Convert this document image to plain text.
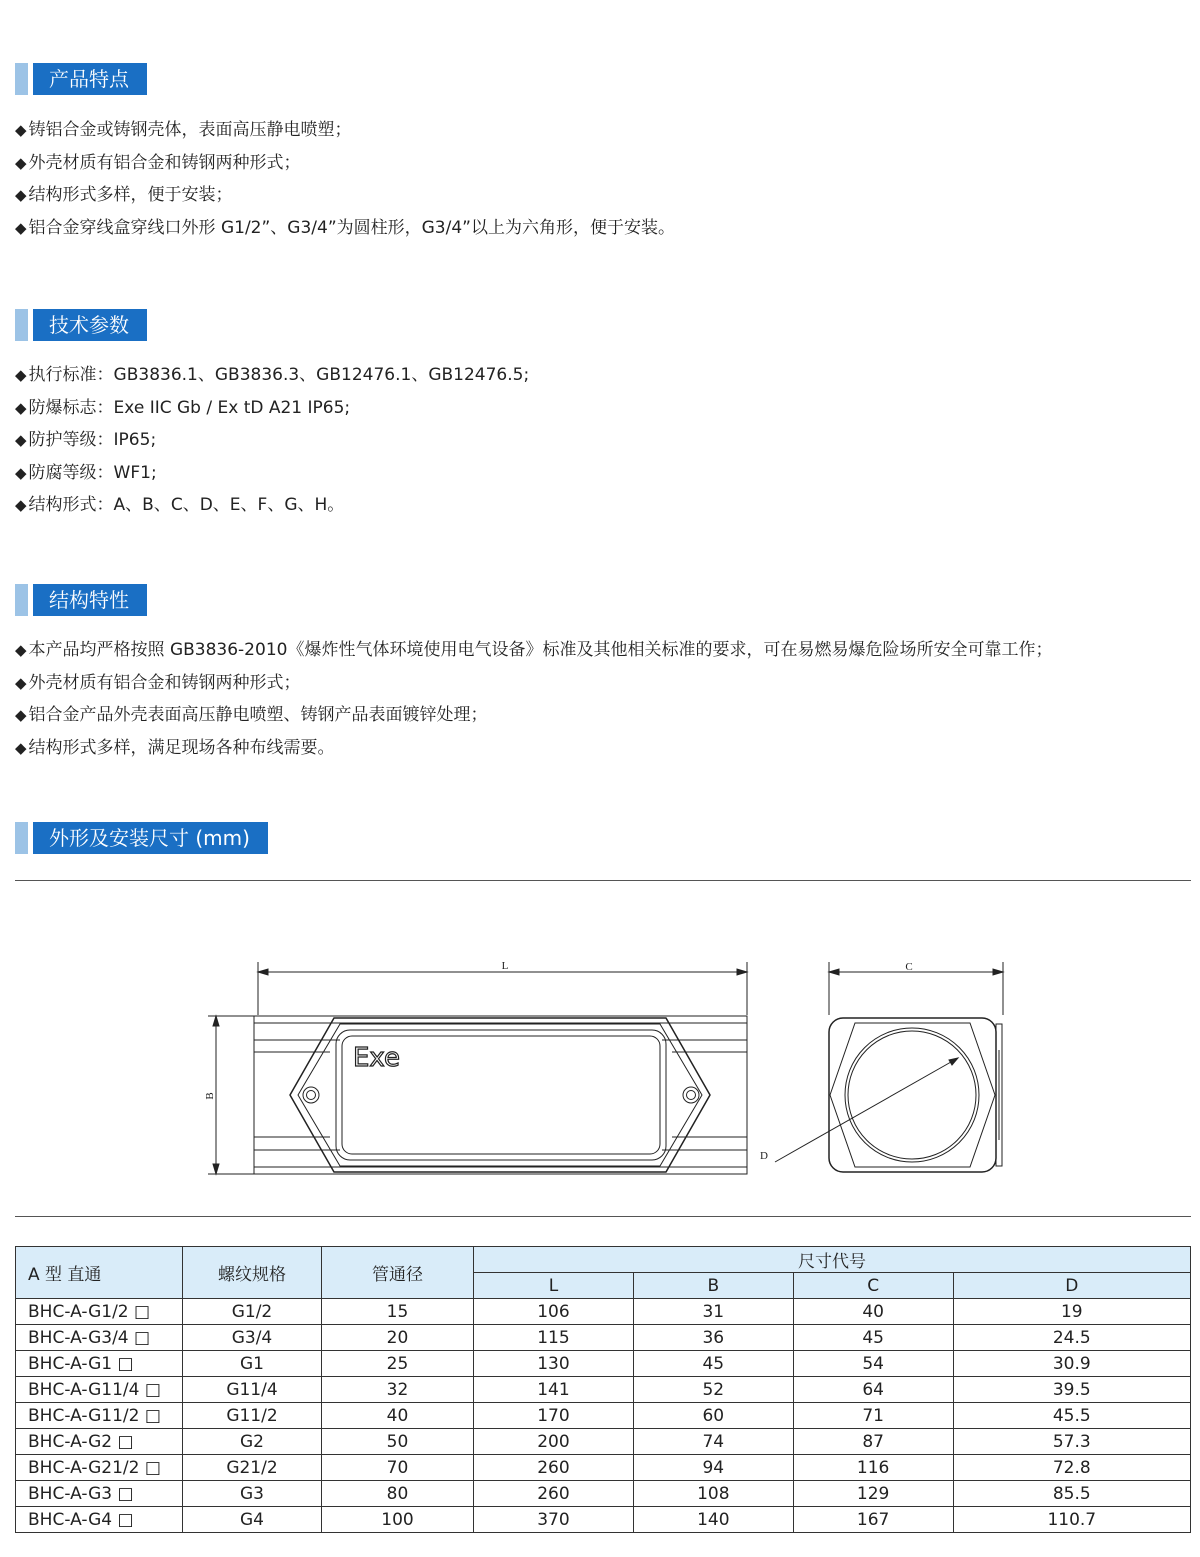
产品特点
◆ 铸铝合金或铸钢壳体，表面高压静电喷塑；
◆ 外壳材质有铝合金和铸钢两种形式；
◆ 结构形式多样，便于安装；
◆ 铝合金穿线盒穿线口外形 G1/2”、G3/4”为圆柱形，G3/4”以上为六角形，便于安装。
技术参数
◆ 执行标准：GB3836.1、GB3836.3、GB12476.1、GB12476.5;
◆ 防爆标志：Exe IIC Gb / Ex tD A21 IP65;
◆ 防护等级：IP65;
◆ 防腐等级：WF1;
◆ 结构形式：A、B、C、D、E、F、G、H。
结构特性
◆ 本产品均严格按照 GB3836-2010《爆炸性气体环境使用电气设备》标准及其他相关标准的要求，可在易燃易爆危险场所安全可靠工作；
◆ 外壳材质有铝合金和铸钢两种形式；
◆ 铝合金产品外壳表面高压静电喷塑、铸钢产品表面镀锌处理；
◆ 结构形式多样，满足现场各种布线需要。
外形及安装尺寸 (mm)
L
B
C
D
Exe
A 型 直通	螺纹规格	管通径	尺寸代号			
			L	B	C	D
BHC-A-G1/2 □	G1/2	15	106	31	40	19
BHC-A-G3/4 □	G3/4	20	115	36	45	24.5
BHC-A-G1 □	G1	25	130	45	54	30.9
BHC-A-G11/4 □	G11/4	32	141	52	64	39.5
BHC-A-G11/2 □	G11/2	40	170	60	71	45.5
BHC-A-G2 □	G2	50	200	74	87	57.3
BHC-A-G21/2 □	G21/2	70	260	94	116	72.8
BHC-A-G3 □	G3	80	260	108	129	85.5
BHC-A-G4 □	G4	100	370	140	167	110.7
